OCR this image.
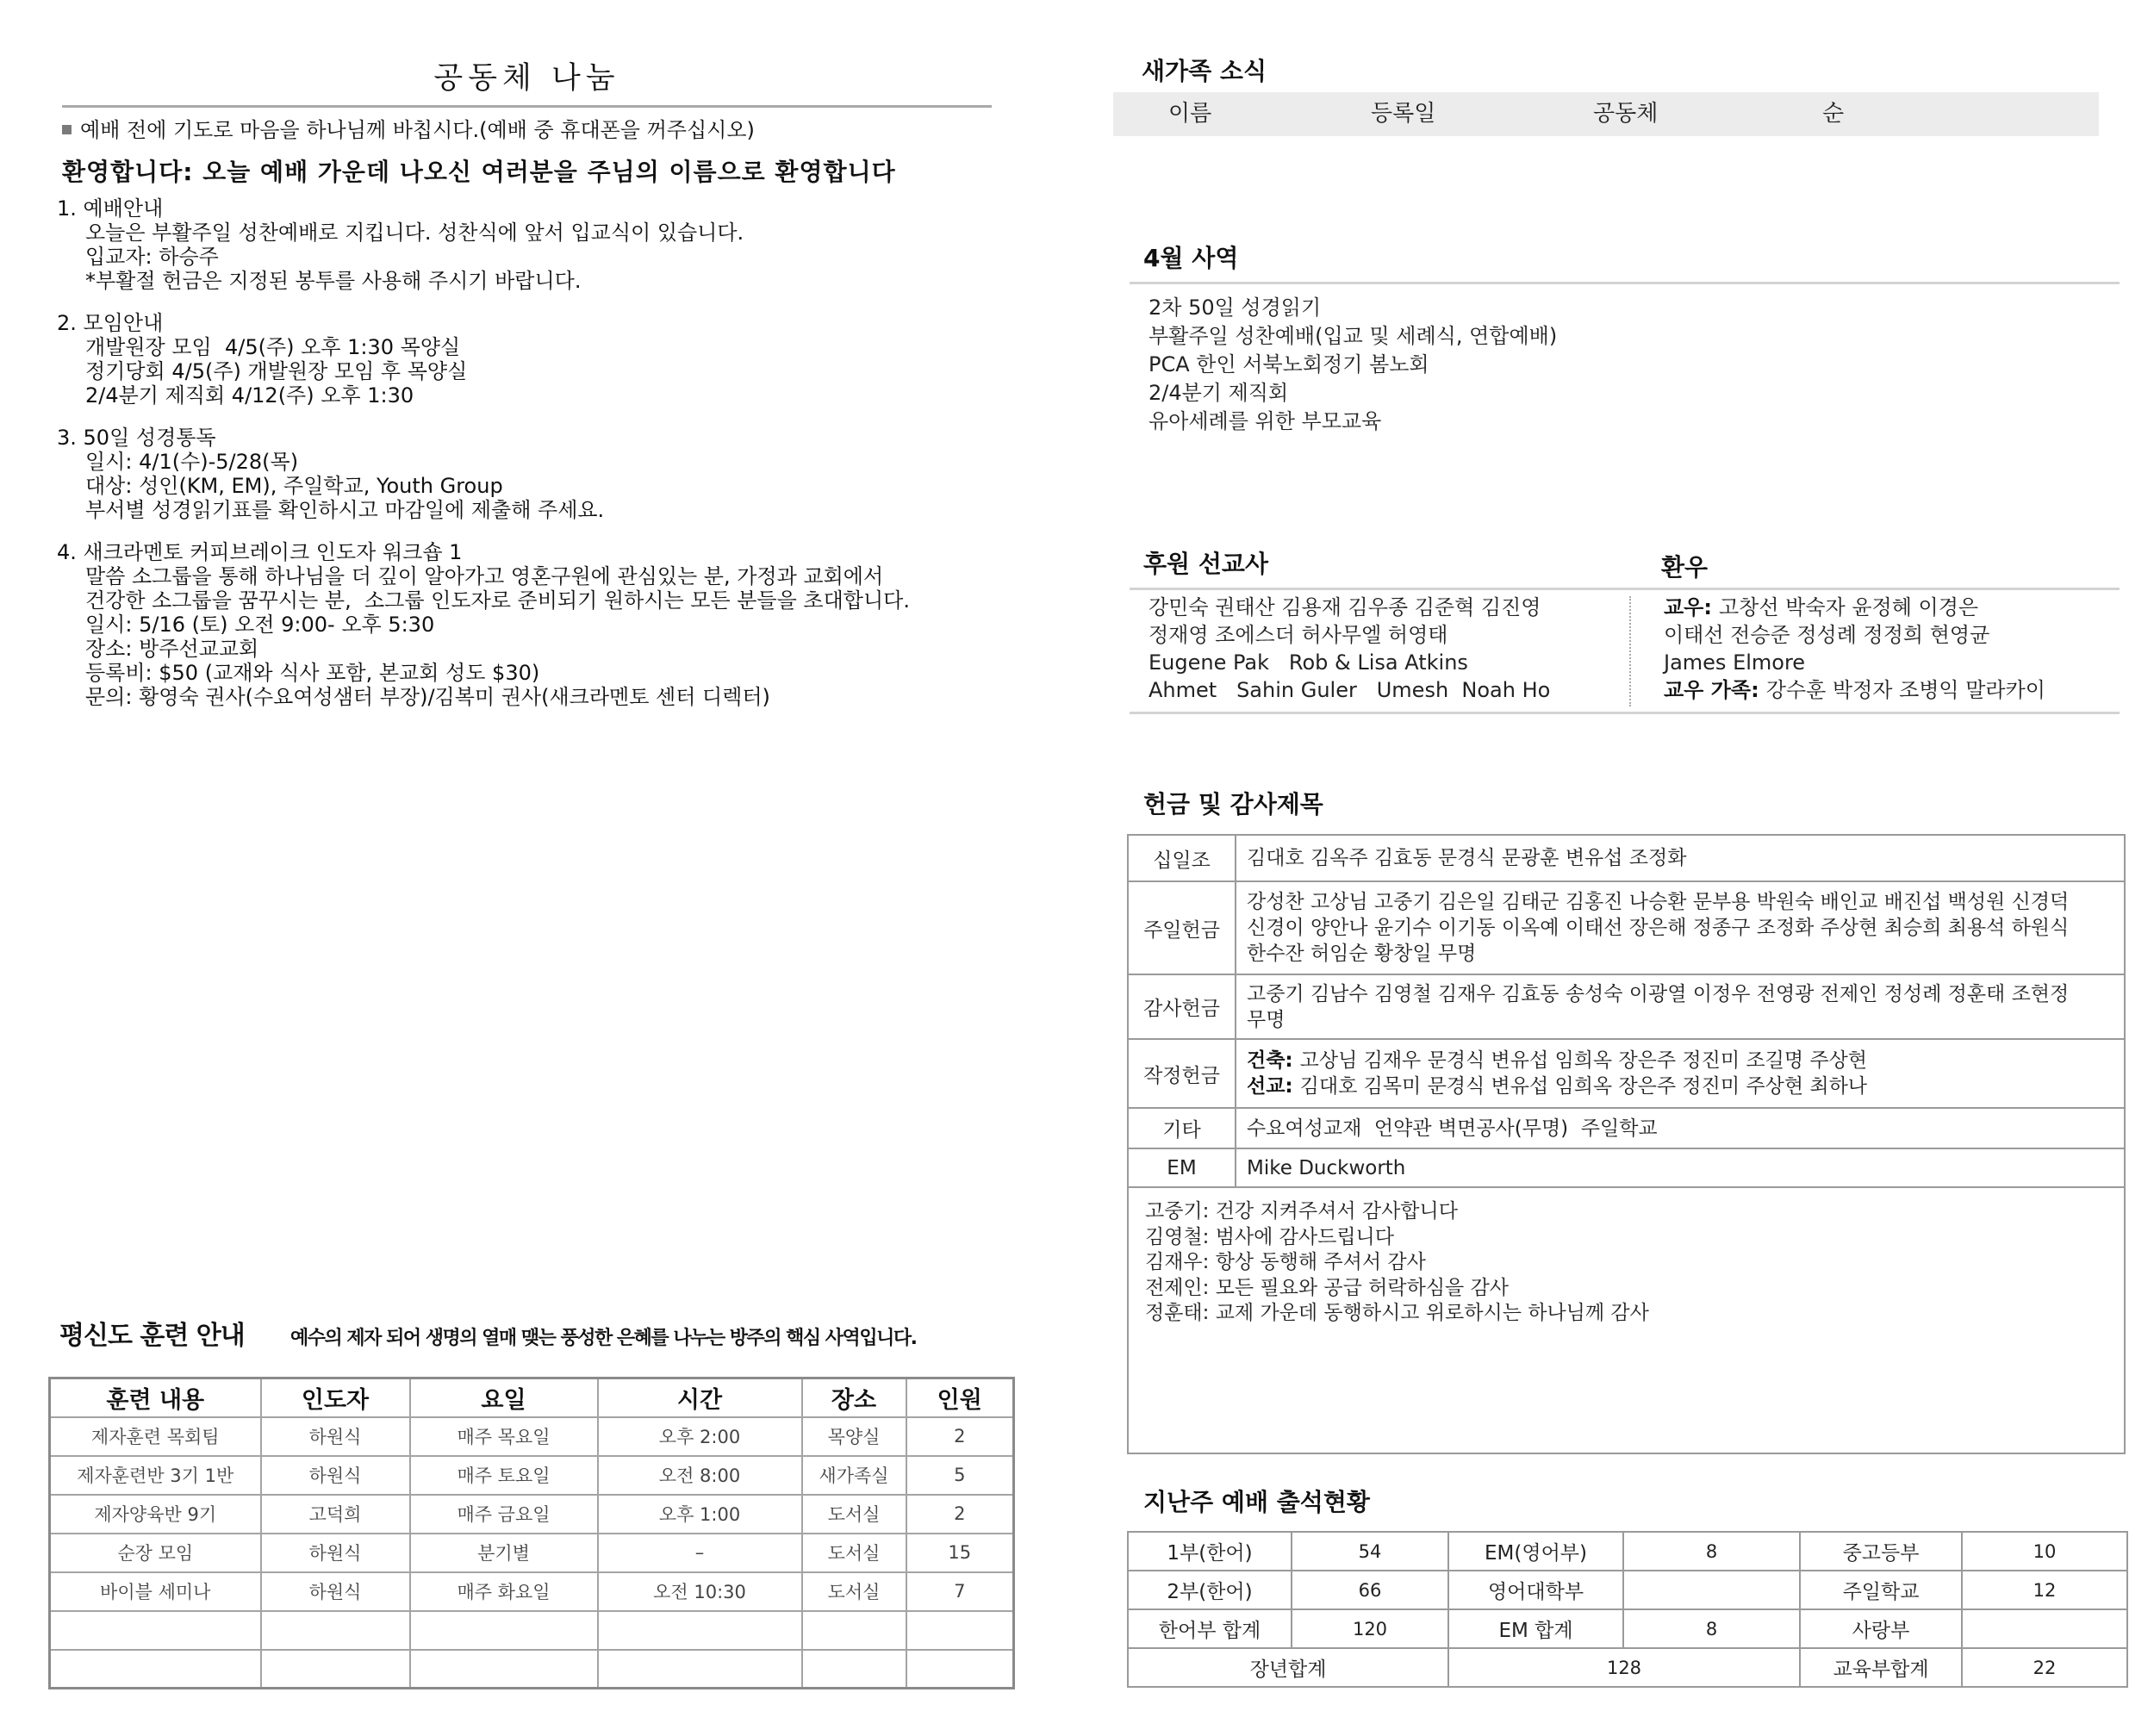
공동체 나눔
예배 전에 기도로 마음을 하나님께 바칩시다.(예배 중 휴대폰을 꺼주십시오)
환영합니다: 오늘 예배 가운데 나오신 여러분을 주님의 이름으로 환영합니다
1. 예배안내
오늘은 부활주일 성찬예배로 지킵니다. 성찬식에 앞서 입교식이 있습니다.
입교자: 하승주
*부활절 헌금은 지정된 봉투를 사용해 주시기 바랍니다.
2. 모임안내
개발원장 모임  4/5(주) 오후 1:30 목양실
정기당회 4/5(주) 개발원장 모임 후 목양실
2/4분기 제직회 4/12(주) 오후 1:30
3. 50일 성경통독
일시: 4/1(수)-5/28(목)
대상: 성인(KM, EM), 주일학교, Youth Group
부서별 성경읽기표를 확인하시고 마감일에 제출해 주세요.
4. 새크라멘토 커피브레이크 인도자 워크숍 1
말씀 소그룹을 통해 하나님을 더 깊이 알아가고 영혼구원에 관심있는 분, 가정과 교회에서
건강한 소그룹을 꿈꾸시는 분,  소그룹 인도자로 준비되기 원하시는 모든 분들을 초대합니다.
일시: 5/16 (토) 오전 9:00- 오후 5:30
장소: 방주선교교회
등록비: $50 (교재와 식사 포함, 본교회 성도 $30)
문의: 황영숙 권사(수요여성샘터 부장)/김복미 권사(새크라멘토 센터 디렉터)
평신도 훈련 안내 예수의 제자 되어 생명의 열매 맺는 풍성한 은혜를 나누는 방주의 핵심 사역입니다.
훈련 내용	인도자	요일	시간	장소	인원
제자훈련 목회팀	하원식	매주 목요일	오후 2:00	목양실	2
제자훈련반 3기 1반	하원식	매주 토요일	오전 8:00	새가족실	5
제자양육반 9기	고덕희	매주 금요일	오후 1:00	도서실	2
순장 모임	하원식	분기별	–	도서실	15
바이블 세미나	하원식	매주 화요일	오전 10:30	도서실	7

새가족 소식
이름	등록일	공동체	순
4월 사역
2차 50일 성경읽기
부활주일 성찬예배(입교 및 세례식, 연합예배)
PCA 한인 서북노회정기 봄노회
2/4분기 제직회
유아세례를 위한 부모교육
후원 선교사	환우
강민숙 권태산 김용재 김우종 김준혁 김진영
정재영 조에스더 허사무엘 허영태
Eugene Pak   Rob & Lisa Atkins
Ahmet   Sahin Guler   Umesh  Noah Ho
교우: 고창선 박숙자 윤정혜 이경은
이태선 전승준 정성례 정정희 현영균
James Elmore
교우 가족: 강수훈 박정자 조병익 말라카이
헌금 및 감사제목
십일조	김대호 김옥주 김효동 문경식 문광훈 변유섭 조정화

주일헌금	강성찬 고상님 고중기 김은일 김태군 김홍진 나승환 문부용 박원숙 배인교 배진섭 백성원 신경덕
신경이 양안나 윤기수 이기동 이옥예 이태선 장은해 정종구 조정화 주상현 최승희 최용석 하원식
한수잔 허임순 황창일 무명

감사헌금	고중기 김남수 김영철 김재우 김효동 송성숙 이광열 이정우 전영광 전제인 정성례 정훈태 조현정
무명

작정헌금	건축: 고상님 김재우 문경식 변유섭 임희옥 장은주 정진미 조길명 주상현
선교: 김대호 김목미 문경식 변유섭 임희옥 장은주 정진미 주상현 최하나

기타	수요여성교재  언약관 벽면공사(무명)  주일학교

EM	Mike Duckworth

고중기: 건강 지켜주셔서 감사합니다
김영철: 범사에 감사드립니다
김재우: 항상 동행해 주셔서 감사
전제인: 모든 필요와 공급 허락하심을 감사
정훈태: 교제 가운데 동행하시고 위로하시는 하나님께 감사	
지난주 예배 출석현황
1부(한어)	54	EM(영어부)	8	중고등부	10
2부(한어)	66	영어대학부		주일학교	12
한어부 합계	120	EM 합계	8	사랑부	
장년합계		128		교육부합계	22
